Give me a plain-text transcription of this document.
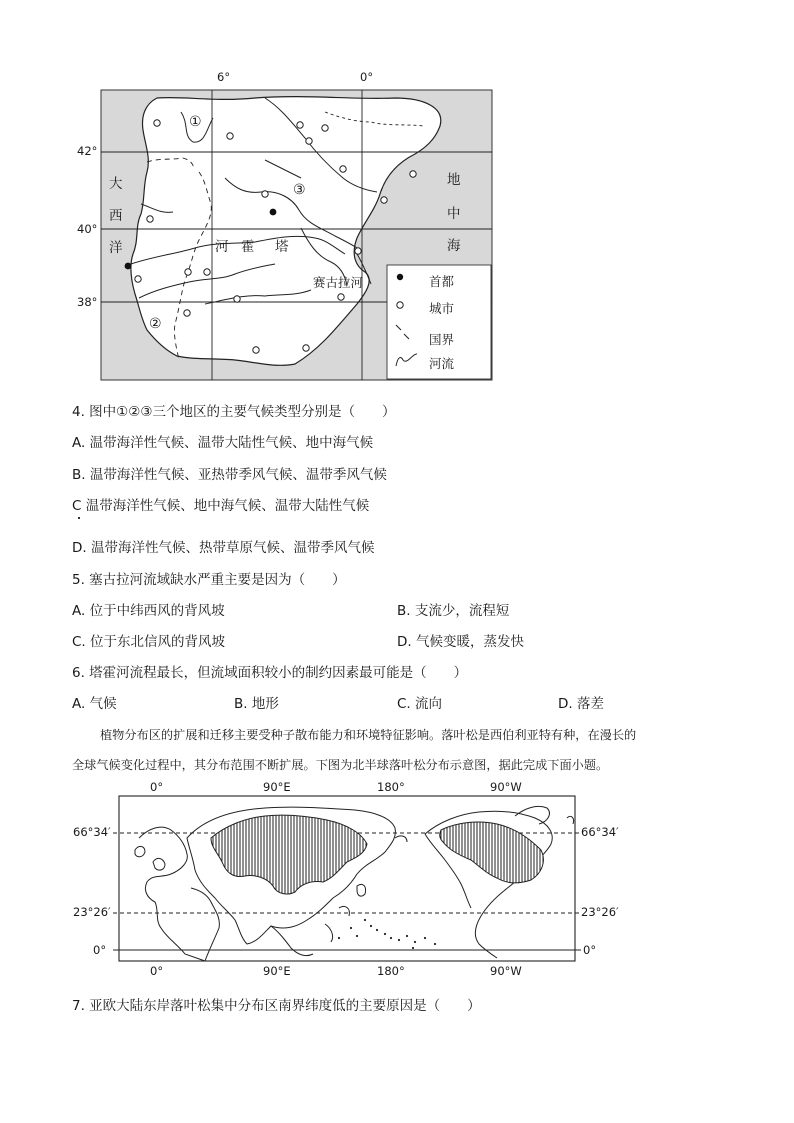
6°	0°
42°
40°
38°
①
②
③
大
西
洋
地
中
海
河 霍 塔
赛古拉河	首都
城市
国界
河流
4. 图中①②③三个地区的主要气候类型分别是（　　）
A. 温带海洋性气候、温带大陆性气候、地中海气候
B. 温带海洋性气候、亚热带季风气候、温带季风气候
C 温带海洋性气候、地中海气候、温带大陆性气候
D. 温带海洋性气候、热带草原气候、温带季风气候
5. 塞古拉河流域缺水严重主要是因为（　　）
A. 位于中纬西风的背风坡	B. 支流少，流程短
C. 位于东北信风的背风坡	D. 气候变暖，蒸发快
6. 塔霍河流程最长，但流域面积较小的制约因素最可能是（　　）
A. 气候	B. 地形	C. 流向	D. 落差
植物分布区的扩展和迁移主要受种子散布能力和环境特征影响。落叶松是西伯利亚特有种，在漫长的
全球气候变化过程中，其分布范围不断扩展。下图为北半球落叶松分布示意图，据此完成下面小题。
0°	90°E	180°	90°W
0°	90°E	180°	90°W
66°34′
23°26′
0°
66°34′
23°26′
0°
7. 亚欧大陆东岸落叶松集中分布区南界纬度低的主要原因是（　　）
